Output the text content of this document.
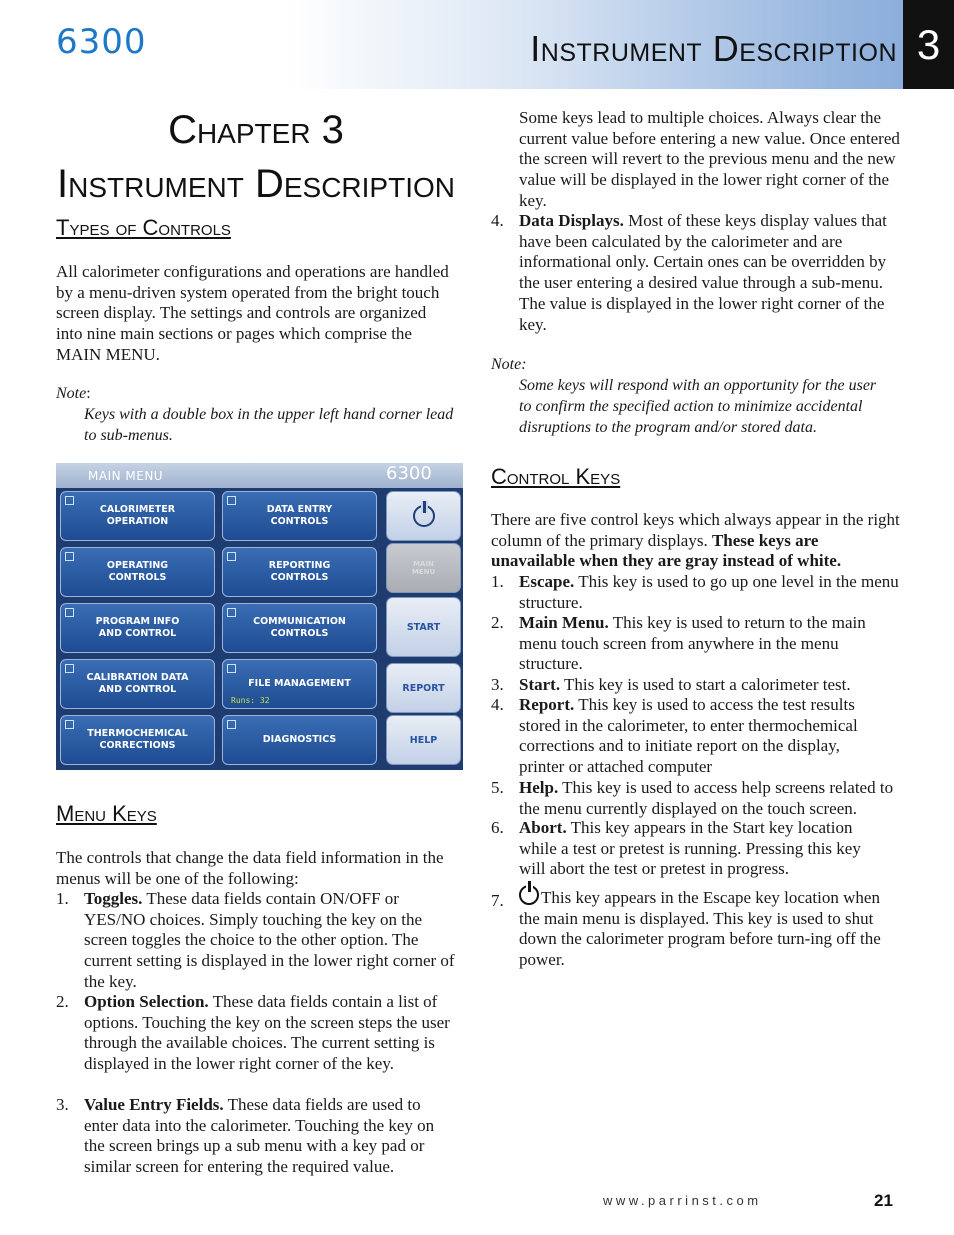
6300	Instrument Description 3
Chapter 3
Instrument Description
Types of Controls
All calorimeter configurations and operations are handled by a menu-driven system operated from the bright touch screen display. The settings and controls are organized into nine main sections or pages which comprise the MAIN MENU.
Note:
Keys with a double box in the upper left hand corner lead to sub-menus.
MAIN MENU	6300
CALORIMETER
OPERATION
OPERATING
CONTROLS
PROGRAM INFO
AND CONTROL
CALIBRATION DATA
AND CONTROL
THERMOCHEMICAL
CORRECTIONS
DATA ENTRY
CONTROLS
REPORTING
CONTROLS
COMMUNICATION
CONTROLS
FILE MANAGEMENT
Runs: 32
DIAGNOSTICS
MAIN
MENU
START
REPORT
HELP
Menu Keys
The controls that change the data field information in the menus will be one of the following:
1. Toggles. These data fields contain ON/OFF or YES/NO choices. Simply touching the key on the screen toggles the choice to the other option. The current setting is displayed in the lower right corner of the key.
2. Option Selection. These data fields contain a list of options. Touching the key on the screen steps the user through the available choices. The current setting is displayed in the lower right corner of the key.
3. Value Entry Fields. These data fields are used to enter data into the calorimeter. Touching the key on the screen brings up a sub menu with a key pad or similar screen for entering the required value.
Some keys lead to multiple choices. Always clear the current value before entering a new value. Once entered the screen will revert to the previous menu and the new value will be displayed in the lower right corner of the key.
4. Data Displays. Most of these keys display values that have been calculated by the calorimeter and are informational only. Certain ones can be overridden by the user entering a desired value through a sub-menu. The value is displayed in the lower right corner of the key.
Note:
Some keys will respond with an opportunity for the user to confirm the specified action to minimize accidental disruptions to the program and/or stored data.
Control Keys
There are five control keys which always appear in the right column of the primary displays. These keys are unavailable when they are gray instead of white.
1. Escape. This key is used to go up one level in the menu structure.
2. Main Menu. This key is used to return to the main menu touch screen from anywhere in the menu structure.
3. Start. This key is used to start a calorimeter test.
4. Report. This key is used to access the test results stored in the calorimeter, to enter thermochemical corrections and to initiate report on the display, printer or attached computer
5. Help. This key is used to access help screens related to the menu currently displayed on the touch screen.
6. Abort. This key appears in the Start key location while a test or pretest is running. Pressing this key will abort the test or pretest in progress.
7.	This key appears in the Escape key location when the main menu is displayed. This key is used to shut down the calorimeter program before turn-ing off the power.
www.parrinst.com	21
